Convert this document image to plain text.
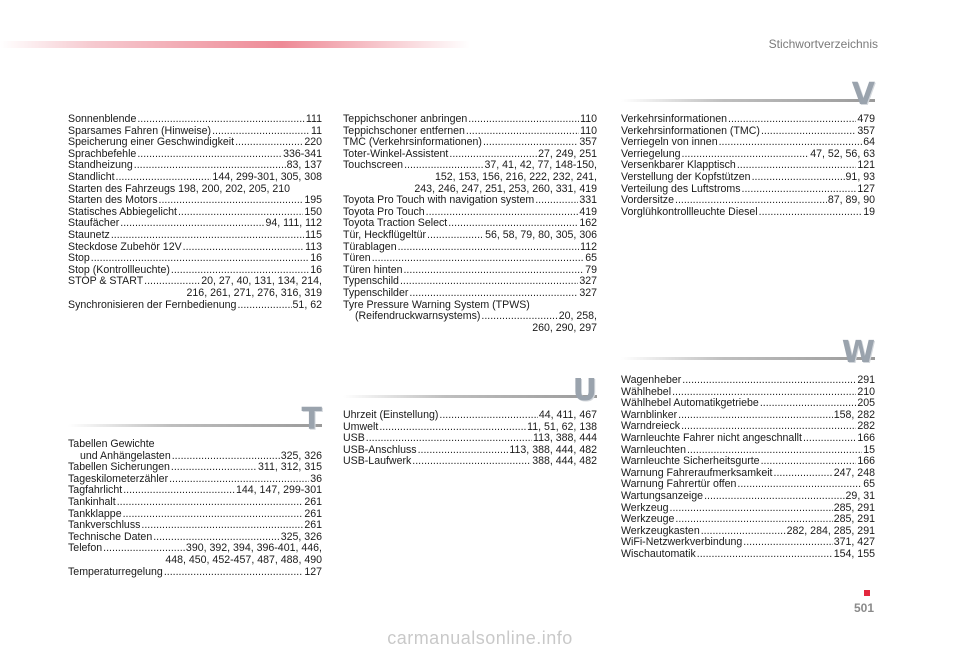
Stichwortverzeichnis
Sonnenblende .....	111
Sparsames Fahren (Hinweise) .....	11
Speicherung einer Geschwindigkeit .....	220
Sprachbefehle .....	336-341
Standheizung .....	83, 137
Standlicht .....	144, 299-301, 305, 308
Starten des Fahrzeugs 198, 200, 202, 205, 210
Starten des Motors .....	195
Statisches Abbiegelicht .....	150
Staufächer .....	94, 111, 112
Staunetz .....	115
Steckdose Zubehör 12V .....	113
Stop .....	16
Stop (Kontrollleuchte) .....	16
STOP & START .....	20, 27, 40, 131, 134, 214,
216, 261, 271, 276, 316, 319
Synchronisieren der Fernbedienung .....	51, 62
T
Tabellen Gewichte
und Anhängelasten .....	325, 326
Tabellen Sicherungen .....	311, 312, 315
Tageskilometerzähler .....	36
Tagfahrlicht .....	144, 147, 299-301
Tankinhalt .....	261
Tankklappe .....	261
Tankverschluss .....	261
Technische Daten .....	325, 326
Telefon .....	390, 392, 394, 396-401, 446,
448, 450, 452-457, 487, 488, 490
Temperaturregelung .....	127
Teppichschoner anbringen .....	110
Teppichschoner entfernen .....	110
TMC (Verkehrsinformationen) .....	357
Toter-Winkel-Assistent .....	27, 249, 251
Touchscreen .....	37, 41, 42, 77, 148-150,
152, 153, 156, 216, 222, 232, 241,
243, 246, 247, 251, 253, 260, 331, 419
Toyota Pro Touch with navigation system .....	331
Toyota Pro Touch .....	419
Toyota Traction Select .....	162
Tür, Heckflügeltür .....	56, 58, 79, 80, 305, 306
Türablagen .....	112
Türen .....	65
Türen hinten .....	79
Typenschild .....	327
Typenschilder .....	327
Tyre Pressure Warning System (TPWS)
(Reifendruckwarnsystems) .....	20, 258,
260, 290, 297
U
Uhrzeit (Einstellung) .....	44, 411, 467
Umwelt .....	11, 51, 62, 138
USB .....	113, 388, 444
USB-Anschluss .....	113, 388, 444, 482
USB-Laufwerk .....	388, 444, 482
V
Verkehrsinformationen .....	479
Verkehrsinformationen (TMC) .....	357
Verriegeln von innen .....	64
Verriegelung .....	47, 52, 56, 63
Versenkbarer Klapptisch .....	121
Verstellung der Kopfstützen .....	91, 93
Verteilung des Luftstroms .....	127
Vordersitze .....	87, 89, 90
Vorglühkontrollleuchte Diesel .....	19
W
Wagenheber .....	291
Wählhebel .....	210
Wählhebel Automatikgetriebe .....	205
Warnblinker .....	158, 282
Warndreieck .....	282
Warnleuchte Fahrer nicht angeschnallt .....	166
Warnleuchten .....	15
Warnleuchte Sicherheitsgurte .....	166
Warnung Fahreraufmerksamkeit .....	247, 248
Warnung Fahrertür offen .....	65
Wartungsanzeige .....	29, 31
Werkzeug .....	285, 291
Werkzeuge .....	285, 291
Werkzeugkasten .....	282, 284, 285, 291
WiFi-Netzwerkverbindung .....	371, 427
Wischautomatik .....	154, 155
501
carmanualsonline.info
